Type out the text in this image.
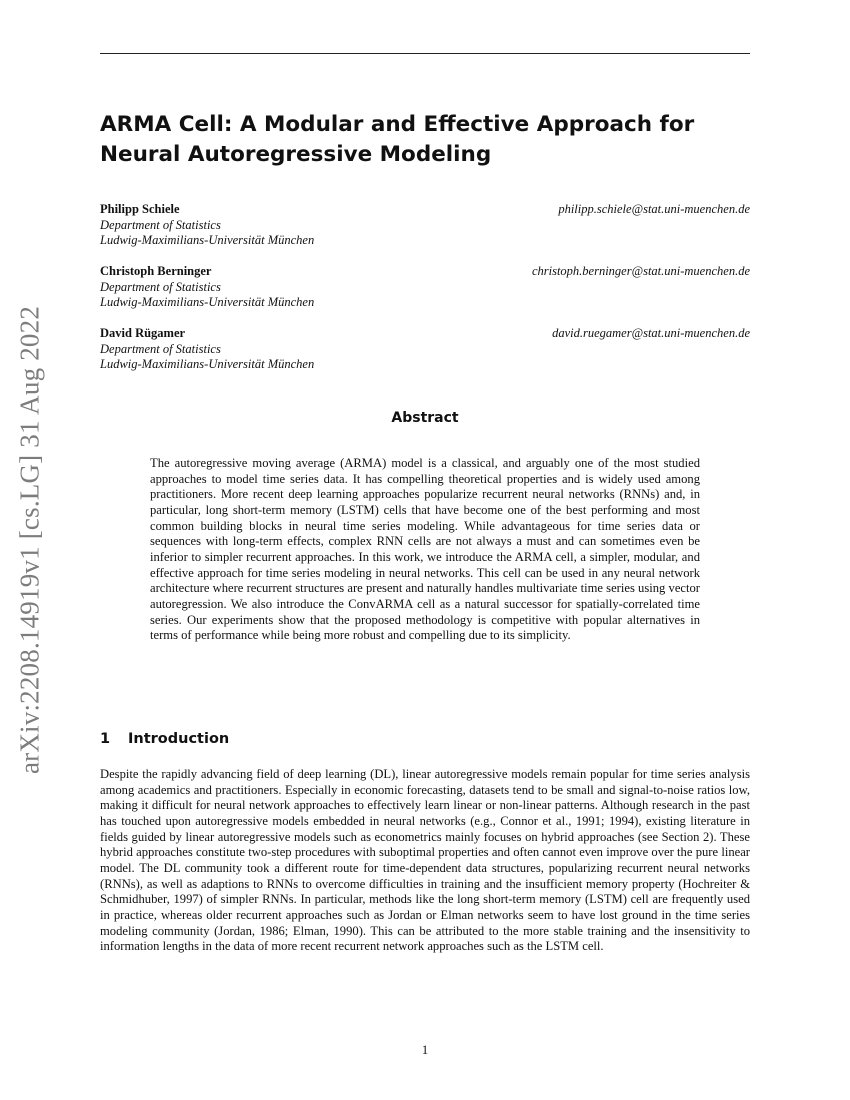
arXiv:2208.14919v1 [cs.LG] 31 Aug 2022
ARMA Cell: A Modular and Effective Approach for Neural Autoregressive Modeling
Philipp Schiele
Department of Statistics
Ludwig-Maximilians-Universität München
philipp.schiele@stat.uni-muenchen.de
Christoph Berninger
Department of Statistics
Ludwig-Maximilians-Universität München
christoph.berninger@stat.uni-muenchen.de
David Rügamer
Department of Statistics
Ludwig-Maximilians-Universität München
david.ruegamer@stat.uni-muenchen.de
Abstract

The autoregressive moving average (ARMA) model is a classical, and arguably one of the most studied approaches to model time series data. It has compelling theoretical properties and is widely used among practitioners. More recent deep learning approaches popularize recurrent neural networks (RNNs) and, in particular, long short-term memory (LSTM) cells that have become one of the best performing and most common building blocks in neural time series modeling. While advantageous for time series data or sequences with long-term effects, complex RNN cells are not always a must and can sometimes even be inferior to simpler recurrent approaches. In this work, we introduce the ARMA cell, a simpler, modular, and effective approach for time series modeling in neural networks. This cell can be used in any neural network architecture where recurrent structures are present and naturally handles multivariate time series using vector autoregression. We also introduce the ConvARMA cell as a natural successor for spatially-correlated time series. Our experiments show that the proposed methodology is competitive with popular alternatives in terms of performance while being more robust and compelling due to its simplicity.

1 Introduction

Despite the rapidly advancing field of deep learning (DL), linear autoregressive models remain popular for time series analysis among academics and practitioners. Especially in economic forecasting, datasets tend to be small and signal-to-noise ratios low, making it difficult for neural network approaches to effectively learn linear or non-linear patterns. Although research in the past has touched upon autoregressive models embedded in neural networks (e.g., Connor et al., 1991; 1994), existing literature in fields guided by linear autoregressive models such as econometrics mainly focuses on hybrid approaches (see Section 2). These hybrid approaches constitute two-step procedures with suboptimal properties and often cannot even improve over the pure linear model. The DL community took a different route for time-dependent data structures, popularizing recurrent neural networks (RNNs), as well as adaptions to RNNs to overcome difficulties in training and the insufficient memory property (Hochreiter & Schmidhuber, 1997) of simpler RNNs. In particular, methods like the long short-term memory (LSTM) cell are frequently used in practice, whereas older recurrent approaches such as Jordan or Elman networks seem to have lost ground in the time series modeling community (Jordan, 1986; Elman, 1990). This can be attributed to the more stable training and the insensitivity to information lengths in the data of more recent recurrent network approaches such as the LSTM cell.

1
